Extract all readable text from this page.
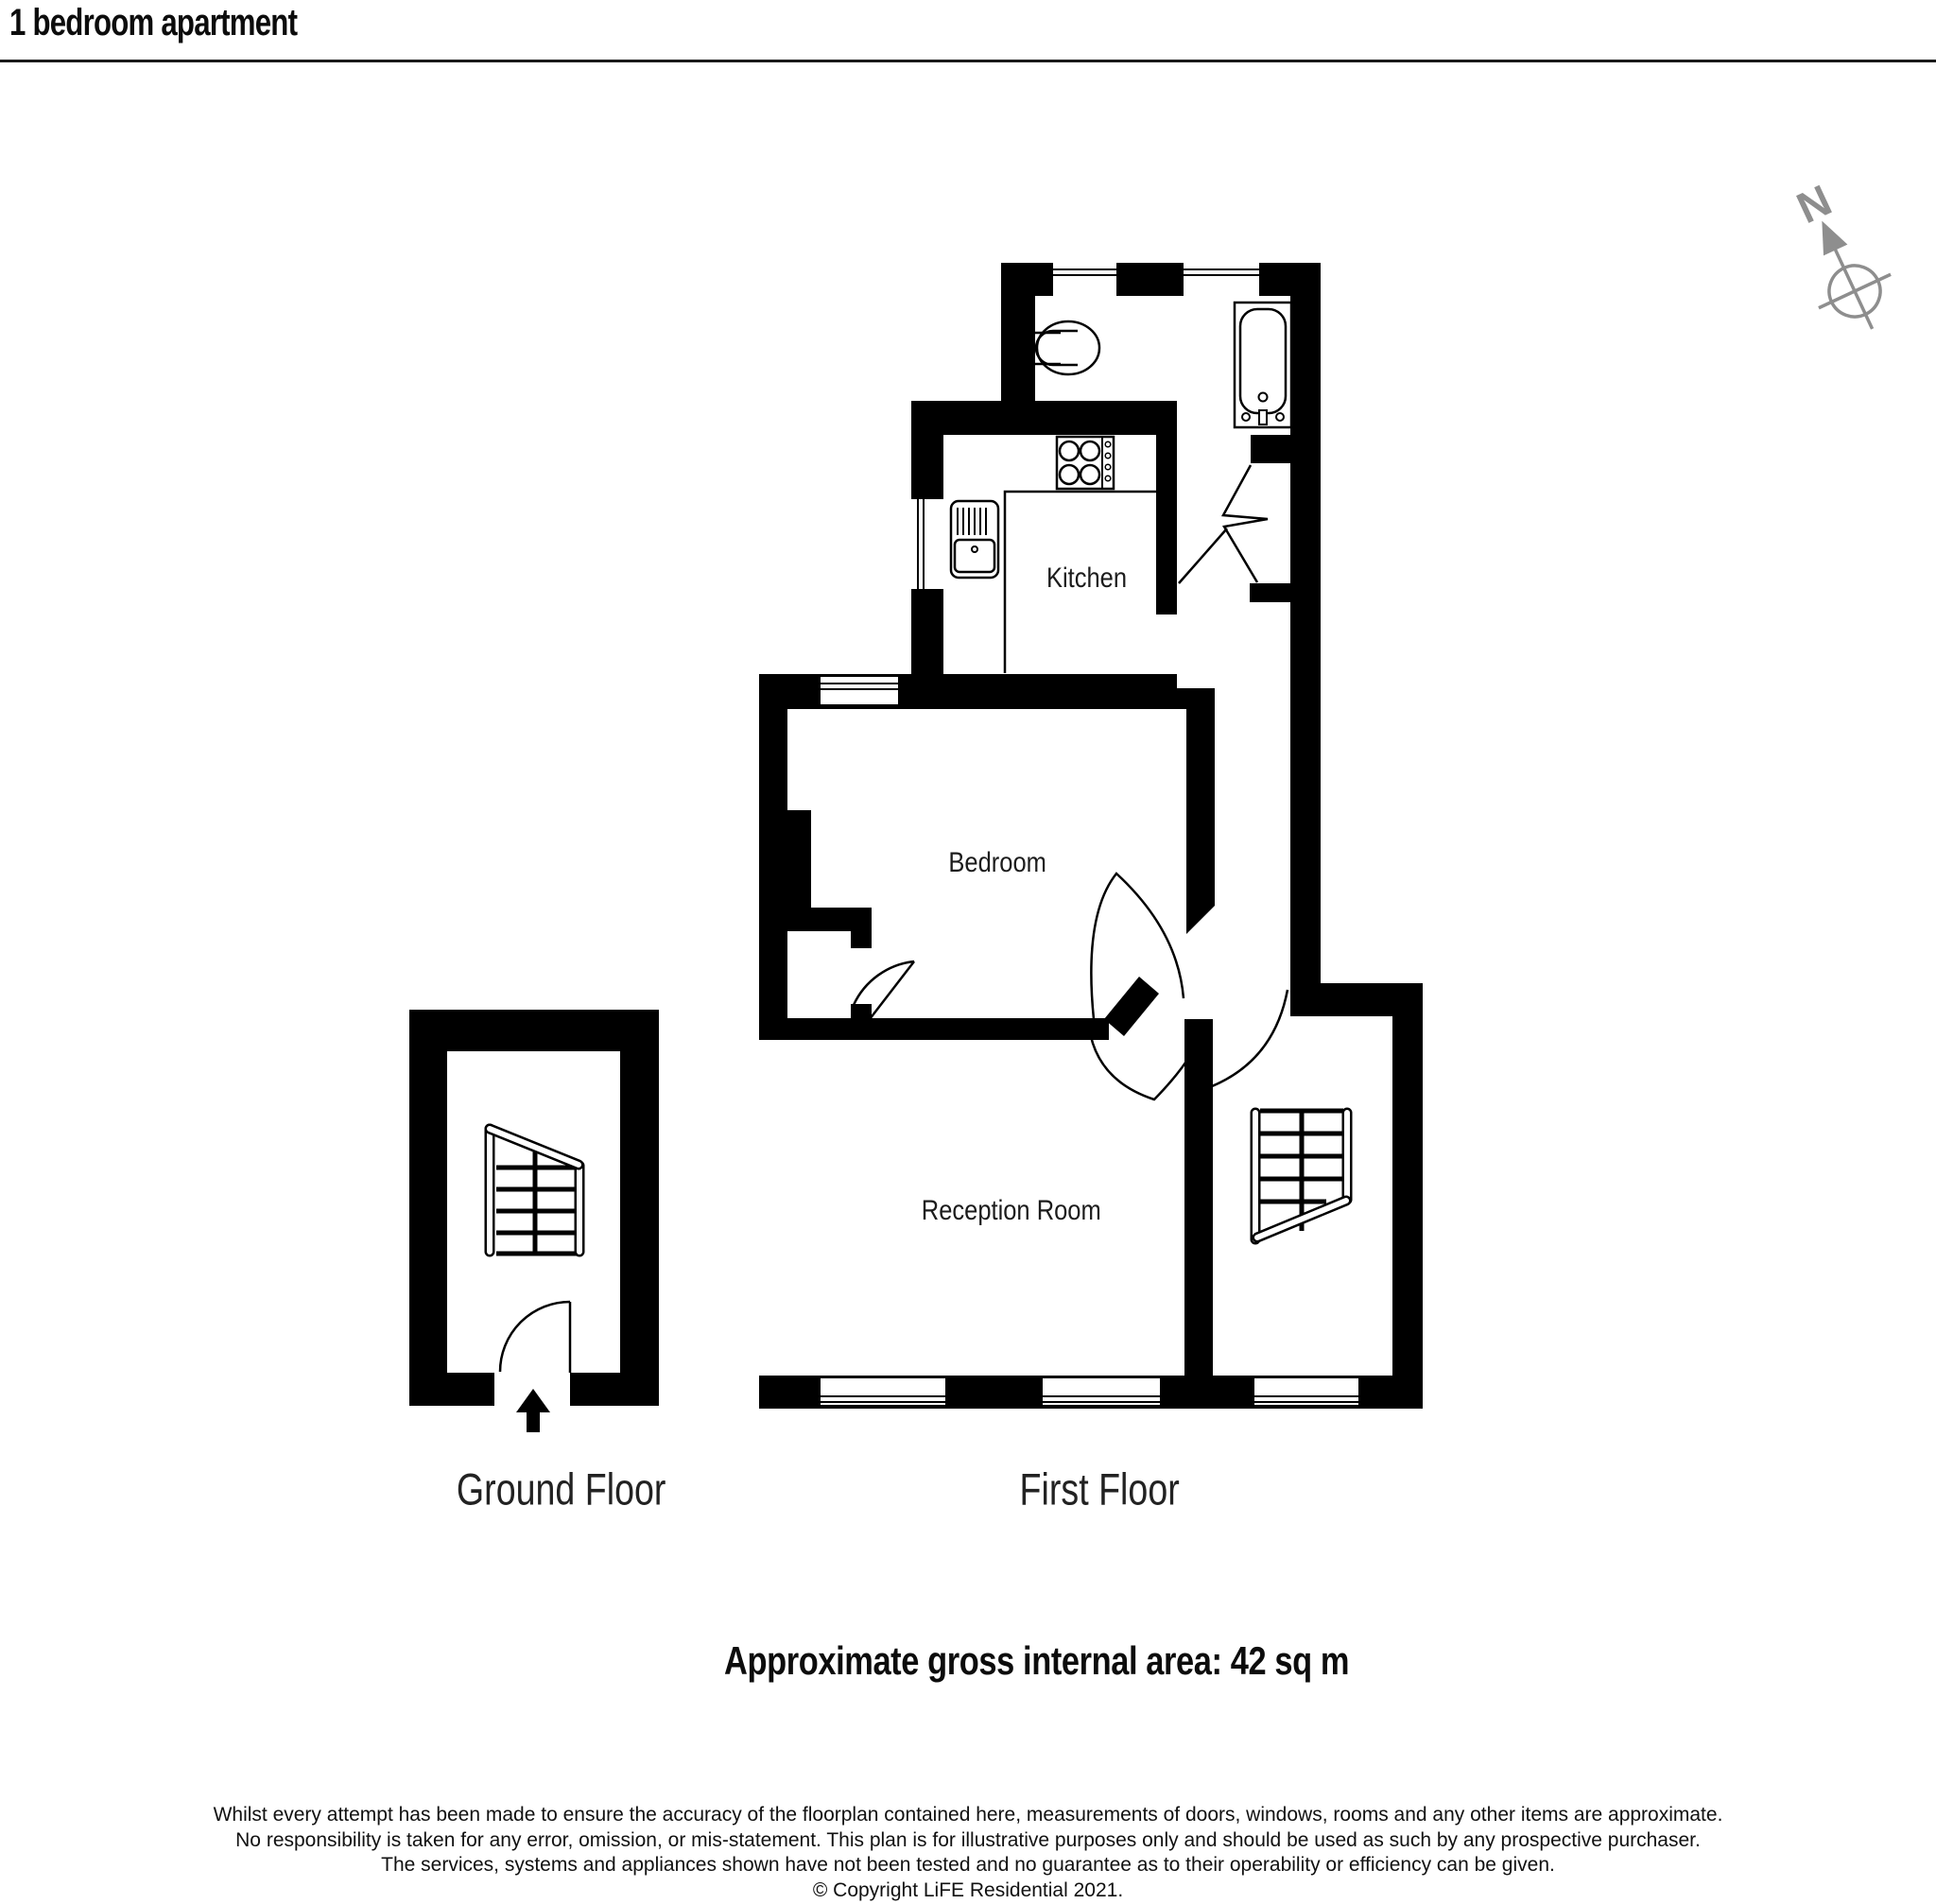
1 bedroom apartment
N
Kitchen
Bedroom
Reception Room
Ground Floor	First Floor
Approximate gross internal area: 42 sq m
Whilst every attempt has been made to ensure the accuracy of the floorplan contained here, measurements of doors, windows, rooms and any other items are approximate.
No responsibility is taken for any error, omission, or mis-statement. This plan is for illustrative purposes only and should be used as such by any prospective purchaser.
The services, systems and appliances shown have not been tested and no guarantee as to their operability or efficiency can be given.
© Copyright LiFE Residential 2021.
